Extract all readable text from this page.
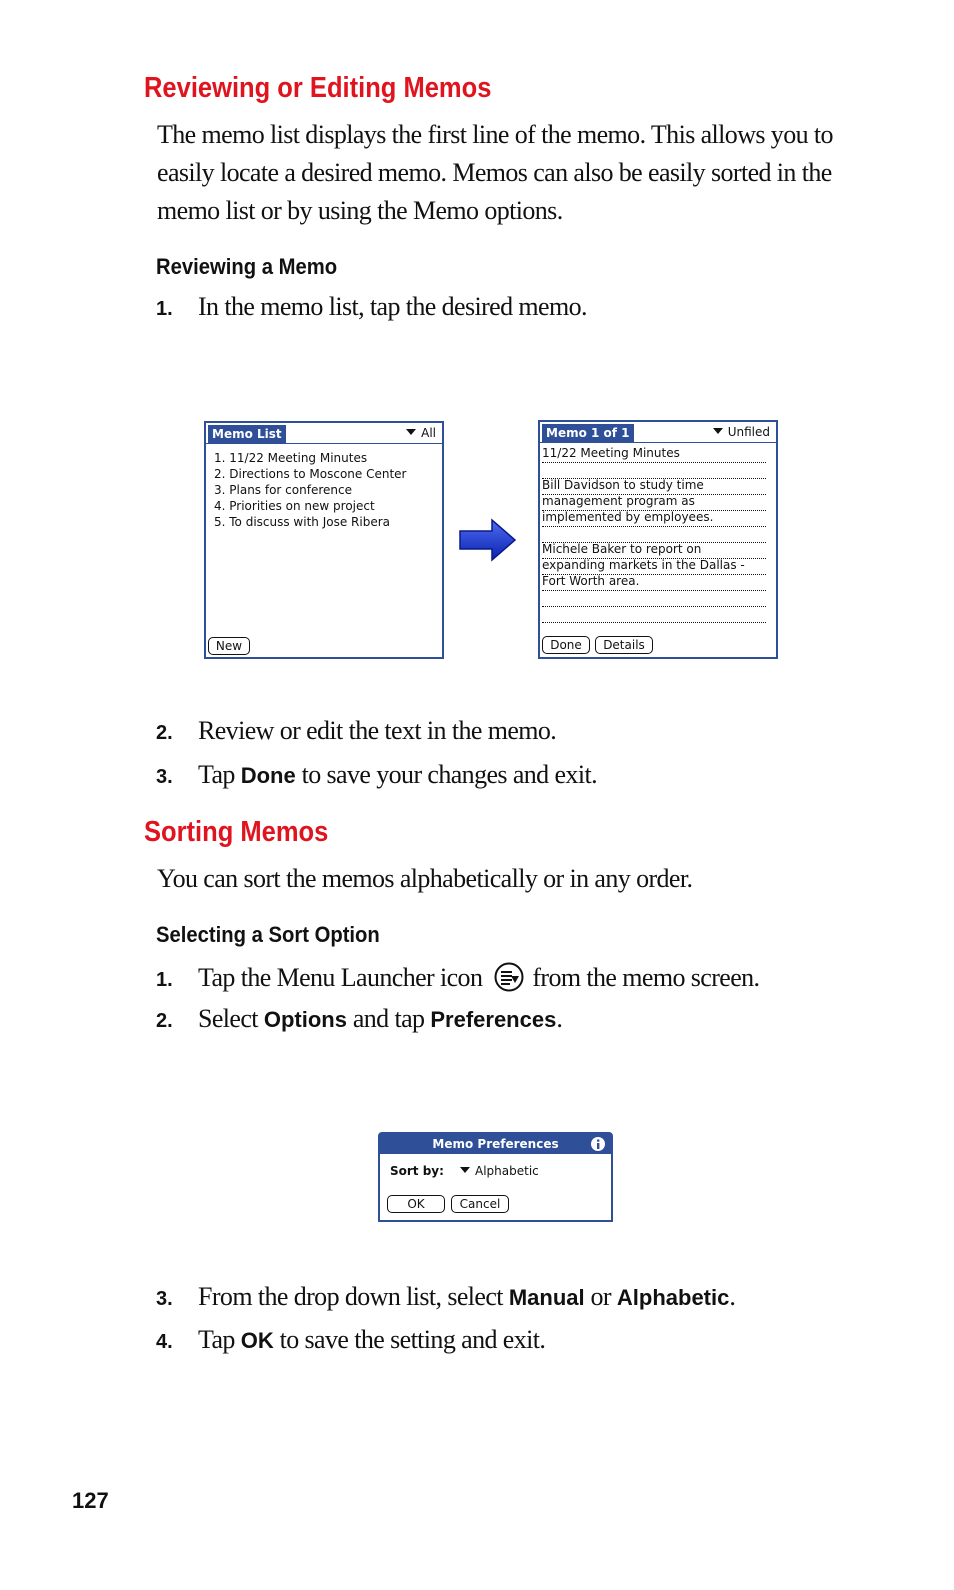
Reviewing or Editing Memos

The memo list displays the first line of the memo. This allows you to easily locate a desired memo. Memos can also be easily sorted in the memo list or by using the Memo options.

Reviewing a Memo
1. In the memo list, tap the desired memo.
Memo List	All
1. 11/22 Meeting Minutes
2. Directions to Moscone Center
3. Plans for conference
4. Priorities on new project
5. To discuss with Jose Ribera
New
Memo 1 of 1	Unfiled
11/22 Meeting Minutes
Bill Davidson to study time
management program as
implemented by employees.
Michele Baker to report on
expanding markets in the Dallas -
Fort Worth area.
Done	Details
2. Review or edit the text in the memo.
3. Tap Done to save your changes and exit.
Sorting Memos

You can sort the memos alphabetically or in any order.

Selecting a Sort Option
1. Tap the Menu Launcher icon from the memo screen.
2. Select Options and tap Preferences.
Memo Preferences
Sort by:	Alphabetic
OK	Cancel
3. From the drop down list, select Manual or Alphabetic.
4. Tap OK to save the setting and exit.
127
